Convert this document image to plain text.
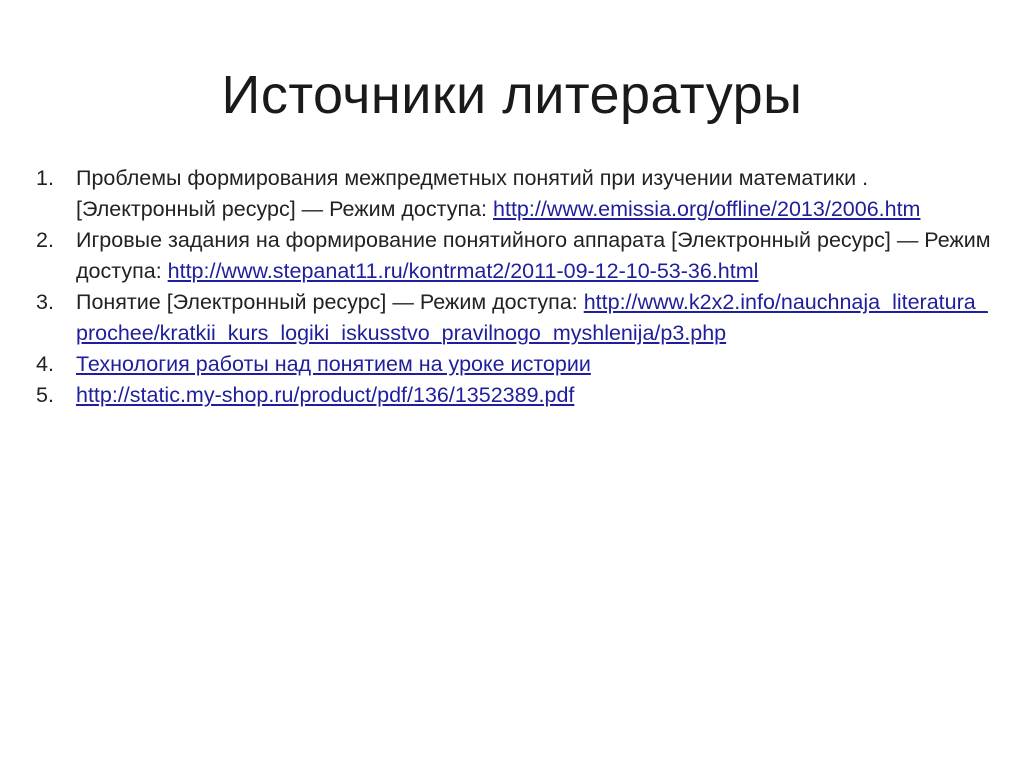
Источники литературы
1.	Проблемы формирования межпредметных понятий при изучении математики . [Электронный ресурс] — Режим доступа: http://www.emissia.org/offline/2013/2006.htm
2.	Игровые задания на формирование понятийного аппарата [Электронный ресурс] — Режим доступа: http://www.stepanat11.ru/kontrmat2/2011-09-12-10-53-36.html
3.	Понятие [Электронный ресурс] — Режим доступа: http://www.k2x2.info/nauchnaja_literatura_prochee/kratkii_kurs_logiki_iskusstvo_pravilnogo_myshlenija/p3.php
4.	Технология работы над понятием на уроке истории
5.	http://static.my-shop.ru/product/pdf/136/1352389.pdf
